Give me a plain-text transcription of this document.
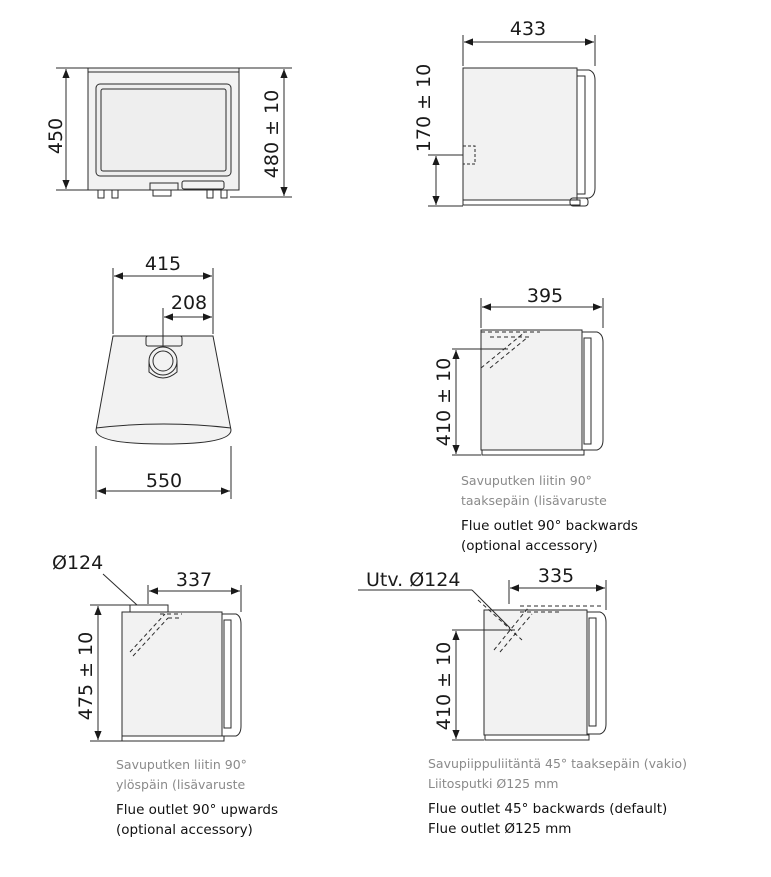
450	480 ± 10
433
170 ± 10
415
208
550
395
410 ± 10
Ø124
337
475 ± 10
Utv. Ø124	335
410 ± 10
Savuputken liitin 90°
taaksepäin (lisävaruste
Flue outlet 90° backwards
(optional accessory)
Savuputken liitin 90°
ylöspäin (lisävaruste
Flue outlet 90° upwards
(optional accessory)
Savupiippuliitäntä 45° taaksepäin (vakio)
Liitosputki Ø125 mm
Flue outlet 45° backwards (default)
Flue outlet Ø125 mm
